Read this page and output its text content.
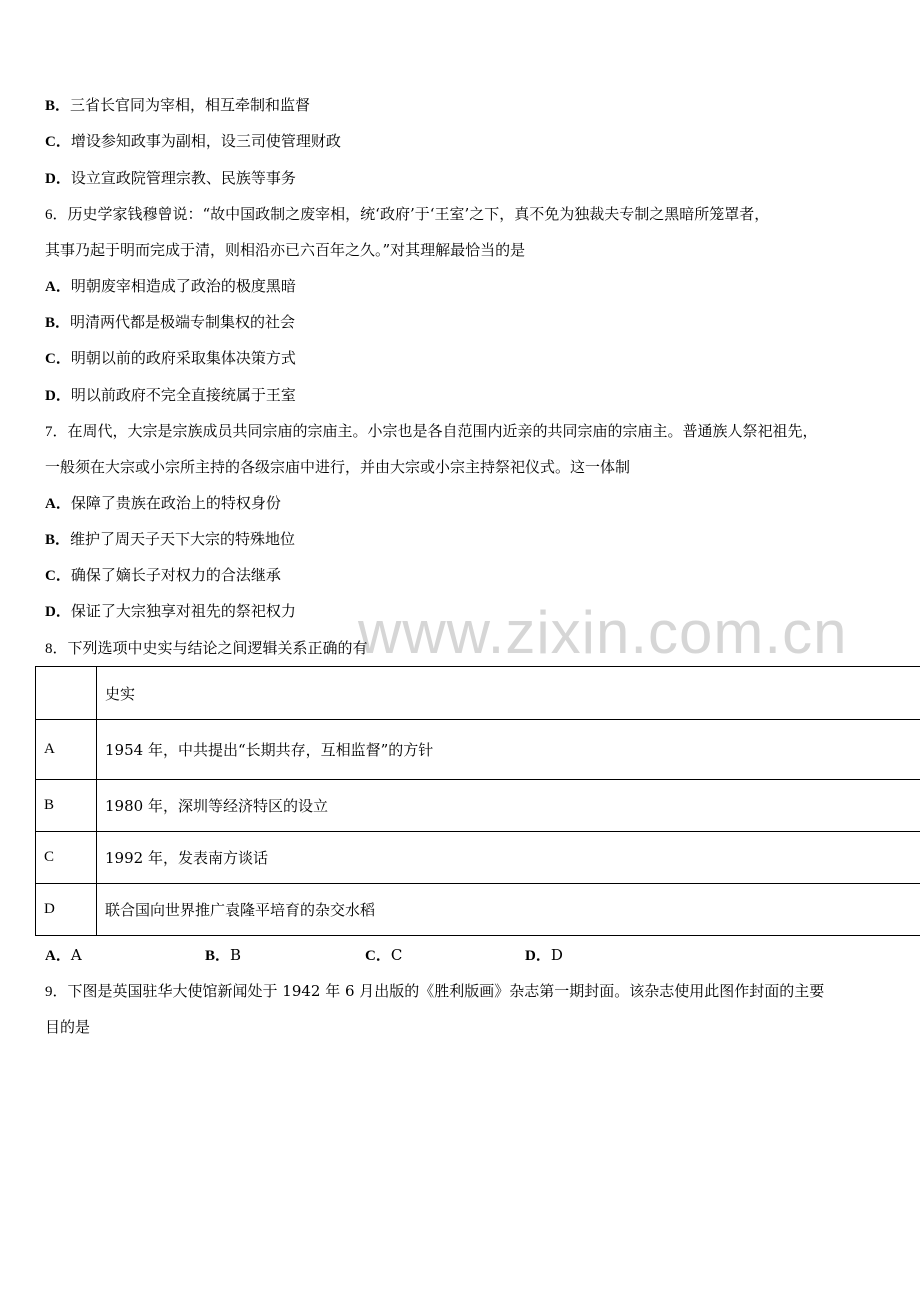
B．三省长官同为宰相，相互牵制和监督
C．增设参知政事为副相，设三司使管理财政
D．设立宣政院管理宗教、民族等事务
6．历史学家钱穆曾说：“故中国政制之废宰相，统‘政府’于‘王室’之下，真不免为独裁夫专制之黑暗所笼罩者，
其事乃起于明而完成于清，则相沿亦已六百年之久。”对其理解最恰当的是
A．明朝废宰相造成了政治的极度黑暗
B．明清两代都是极端专制集权的社会
C．明朝以前的政府采取集体决策方式
D．明以前政府不完全直接统属于王室
7．在周代，大宗是宗族成员共同宗庙的宗庙主。小宗也是各自范围内近亲的共同宗庙的宗庙主。普通族人祭祀祖先，
一般须在大宗或小宗所主持的各级宗庙中进行，并由大宗或小宗主持祭祀仪式。这一体制
A．保障了贵族在政治上的特权身份
B．维护了周天子天下大宗的特殊地位
C．确保了嫡长子对权力的合法继承
D．保证了大宗独享对祖先的祭祀权力 www.zixin.com.cn
8．下列选项中史实与结论之间逻辑关系正确的有
	史实
A	1954 年，中共提出“长期共存，互相监督”的方针
B	1980 年，深圳等经济特区的设立
C	1992 年，发表南方谈话
D	联合国向世界推广袁隆平培育的杂交水稻
A．A	B．B	C．C	D．D
9．下图是英国驻华大使馆新闻处于 1942 年 6 月出版的《胜利版画》杂志第一期封面。该杂志使用此图作封面的主要
目的是
